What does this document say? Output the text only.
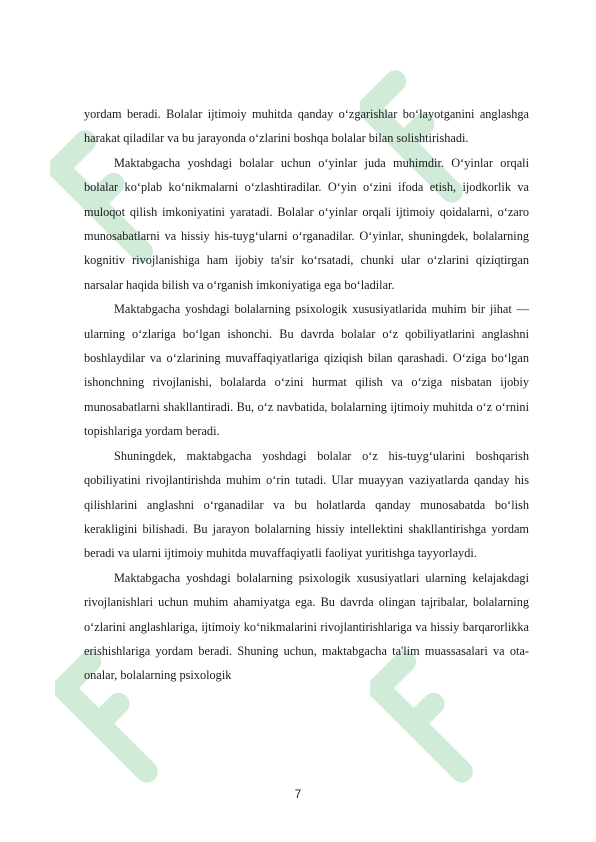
yordam beradi. Bolalar ijtimoiy muhitda qanday o‘zgarishlar bo‘layotganini anglashga harakat qiladilar va bu jarayonda o‘zlarini boshqa bolalar bilan solishtirishadi.

Maktabgacha yoshdagi bolalar uchun o‘yinlar juda muhimdir. O‘yinlar orqali bolalar ko‘plab ko‘nikmalarni o‘zlashtiradilar. O‘yin o‘zini ifoda etish, ijodkorlik va muloqot qilish imkoniyatini yaratadi. Bolalar o‘yinlar orqali ijtimoiy qoidalarni, o‘zaro munosabatlarni va hissiy his-tuyg‘ularni o‘rganadilar. O‘yinlar, shuningdek, bolalarning kognitiv rivojlanishiga ham ijobiy ta'sir ko‘rsatadi, chunki ular o‘zlarini qiziqtirgan narsalar haqida bilish va o‘rganish imkoniyatiga ega bo‘ladilar.

Maktabgacha yoshdagi bolalarning psixologik xususiyatlarida muhim bir jihat — ularning o‘zlariga bo‘lgan ishonchi. Bu davrda bolalar o‘z qobiliyatlarini anglashni boshlaydilar va o‘zlarining muvaffaqiyatlariga qiziqish bilan qarashadi. O‘ziga bo‘lgan ishonchning rivojlanishi, bolalarda o‘zini hurmat qilish va o‘ziga nisbatan ijobiy munosabatlarni shakllantiradi. Bu, o‘z navbatida, bolalarning ijtimoiy muhitda o‘z o‘rnini topishlariga yordam beradi.

Shuningdek, maktabgacha yoshdagi bolalar o‘z his-tuyg‘ularini boshqarish qobiliyatini rivojlantirishda muhim o‘rin tutadi. Ular muayyan vaziyatlarda qanday his qilishlarini anglashni o‘rganadilar va bu holatlarda qanday munosabatda bo‘lish kerakligini bilishadi. Bu jarayon bolalarning hissiy intellektini shakllantirishga yordam beradi va ularni ijtimoiy muhitda muvaffaqiyatli faoliyat yuritishga tayyorlaydi.

Maktabgacha yoshdagi bolalarning psixologik xususiyatlari ularning kelajakdagi rivojlanishlari uchun muhim ahamiyatga ega. Bu davrda olingan tajribalar, bolalarning o‘zlarini anglashlariga, ijtimoiy ko‘nikmalarini rivojlantirishlariga va hissiy barqarorlikka erishishlariga yordam beradi. Shuning uchun, maktabgacha ta'lim muassasalari va ota-onalar, bolalarning psixologik

7
